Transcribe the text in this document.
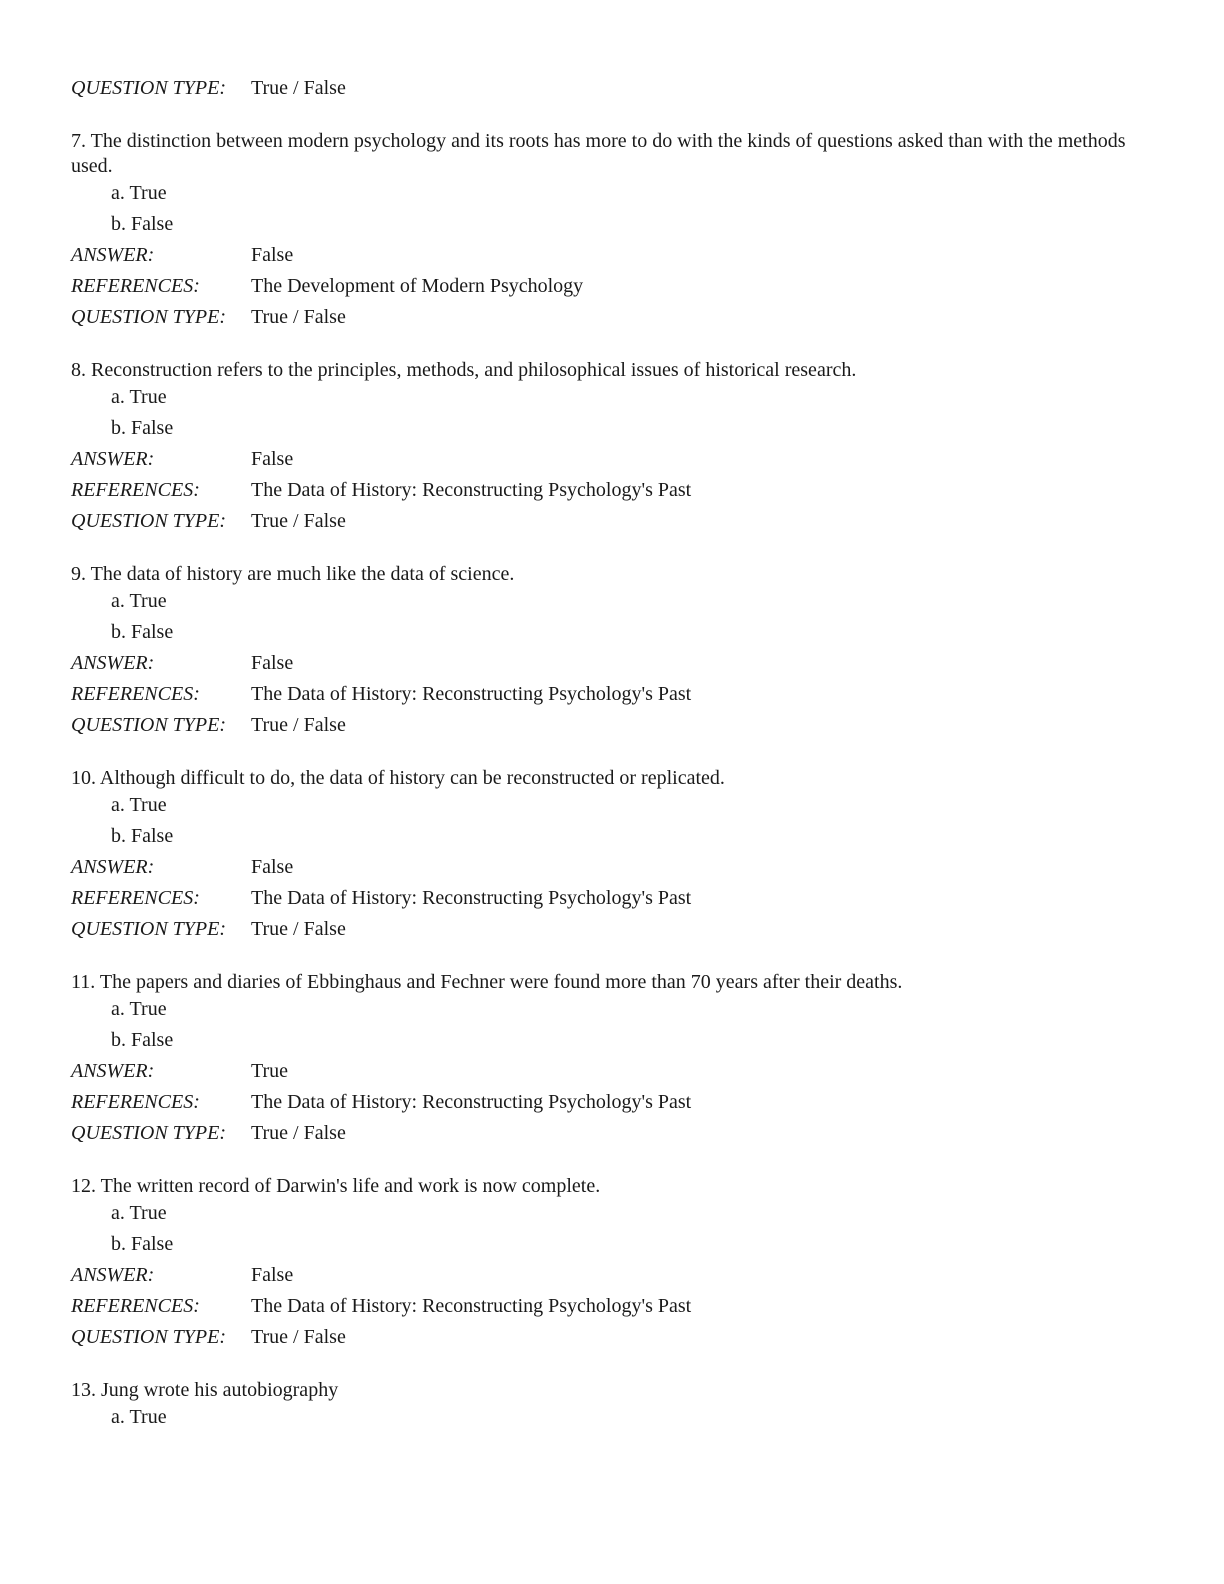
QUESTION TYPE:	True / False
7. The distinction between modern psychology and its roots has more to do with the kinds of questions asked than with the methods used.
a. True
b. False
ANSWER:	False
REFERENCES:	The Development of Modern Psychology
QUESTION TYPE:	True / False
8. Reconstruction refers to the principles, methods, and philosophical issues of historical research.
a. True
b. False
ANSWER:	False
REFERENCES:	The Data of History: Reconstructing Psychology's Past
QUESTION TYPE:	True / False
9. The data of history are much like the data of science.
a. True
b. False
ANSWER:	False
REFERENCES:	The Data of History: Reconstructing Psychology's Past
QUESTION TYPE:	True / False
10. Although difficult to do, the data of history can be reconstructed or replicated.
a. True
b. False
ANSWER:	False
REFERENCES:	The Data of History: Reconstructing Psychology's Past
QUESTION TYPE:	True / False
11. The papers and diaries of Ebbinghaus and Fechner were found more than 70 years after their deaths.
a. True
b. False
ANSWER:	True
REFERENCES:	The Data of History: Reconstructing Psychology's Past
QUESTION TYPE:	True / False
12. The written record of Darwin's life and work is now complete.
a. True
b. False
ANSWER:	False
REFERENCES:	The Data of History: Reconstructing Psychology's Past
QUESTION TYPE:	True / False
13. Jung wrote his autobiography
a. True
